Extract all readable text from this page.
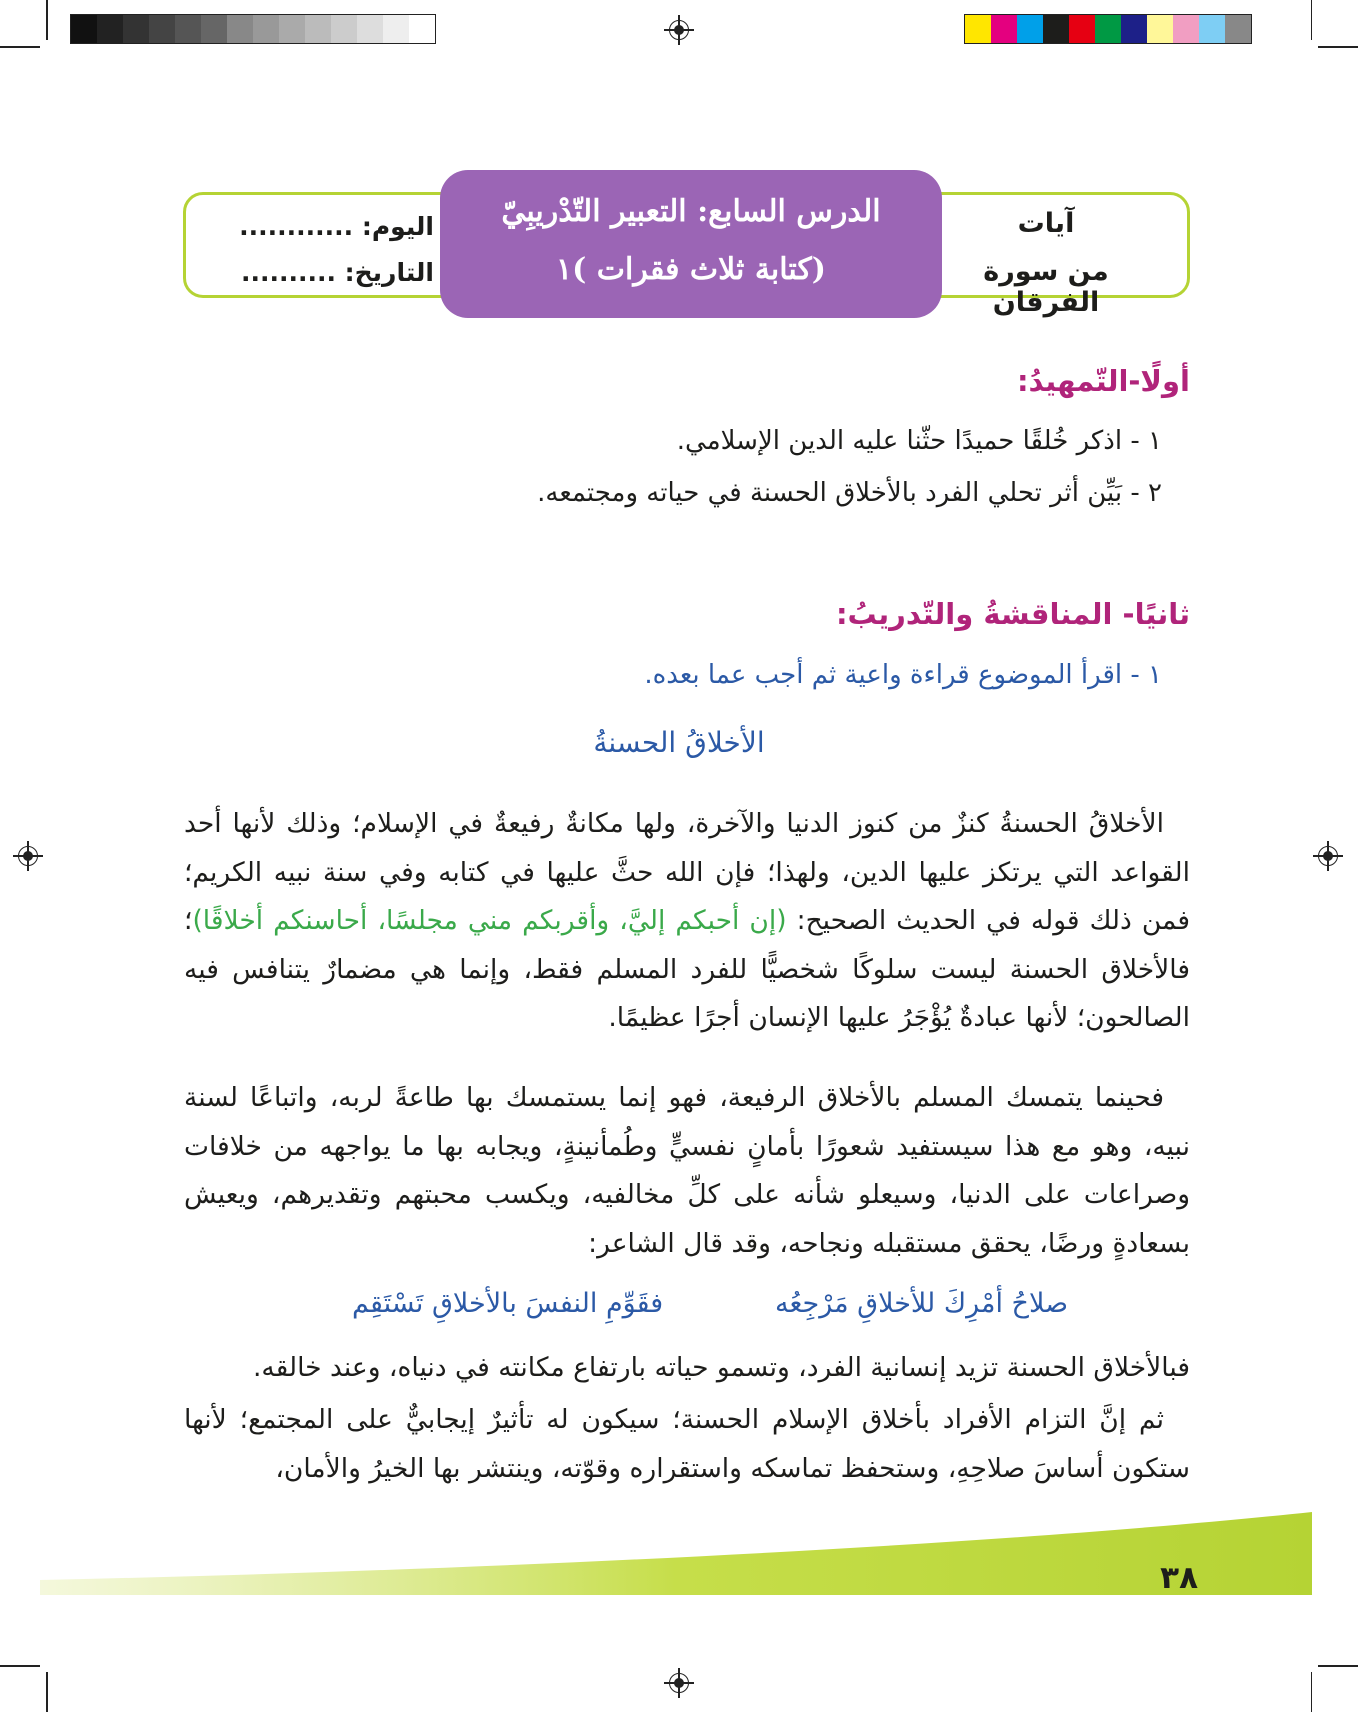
آيات
من سورة الفرقان
الدرس السابع: التعبير التّدْريبِيّ
(كتابة ثلاث فقرات )١
اليوم: ............
التاريخ: ..........
أولًا-التّمهيدُ:
١ - اذكر خُلقًا حميدًا حثّنا عليه الدين الإسلامي.
٢ - بَيِّن أثر تحلي الفرد بالأخلاق الحسنة في حياته ومجتمعه.
ثانيًا- المناقشةُ والتّدريبُ:
١ - اقرأ الموضوع قراءة واعية ثم أجب عما بعده.
الأخلاقُ الحسنةُ

الأخلاقُ الحسنةُ كنزٌ من كنوز الدنيا والآخرة، ولها مكانةٌ رفيعةٌ في الإسلام؛ وذلك لأنها أحد القواعد التي يرتكز عليها الدين، ولهذا؛ فإن الله حثَّ عليها في كتابه وفي سنة نبيه الكريم؛ فمن ذلك قوله في الحديث الصحيح: (إن أحبكم إليَّ، وأقربكم مني مجلسًا، أحاسنكم أخلاقًا)؛ فالأخلاق الحسنة ليست سلوكًا شخصيًّا للفرد المسلم فقط، وإنما هي مضمارٌ يتنافس فيه الصالحون؛ لأنها عبادةٌ يُؤْجَرُ عليها الإنسان أجرًا عظيمًا.

فحينما يتمسك المسلم بالأخلاق الرفيعة، فهو إنما يستمسك بها طاعةً لربه، واتباعًا لسنة نبيه، وهو مع هذا سيستفيد شعورًا بأمانٍ نفسيٍّ وطُمأنينةٍ، ويجابه بها ما يواجهه من خلافات وصراعات على الدنيا، وسيعلو شأنه على كلِّ مخالفيه، ويكسب محبتهم وتقديرهم، ويعيش بسعادةٍ ورضًا، يحقق مستقبله ونجاحه، وقد قال الشاعر:

صلاحُ أمْرِكَ للأخلاقِ مَرْجِعُه
فقَوِّمِ النفسَ بالأخلاقِ تَسْتَقِم

فبالأخلاق الحسنة تزيد إنسانية الفرد، وتسمو حياته بارتفاع مكانته في دنياه، وعند خالقه.

ثم إنَّ التزام الأفراد بأخلاق الإسلام الحسنة؛ سيكون له تأثيرٌ إيجابيٌّ على المجتمع؛ لأنها ستكون أساسَ صلاحِهِ، وستحفظ تماسكه واستقراره وقوّته، وينتشر بها الخيرُ والأمان،

٣٨
